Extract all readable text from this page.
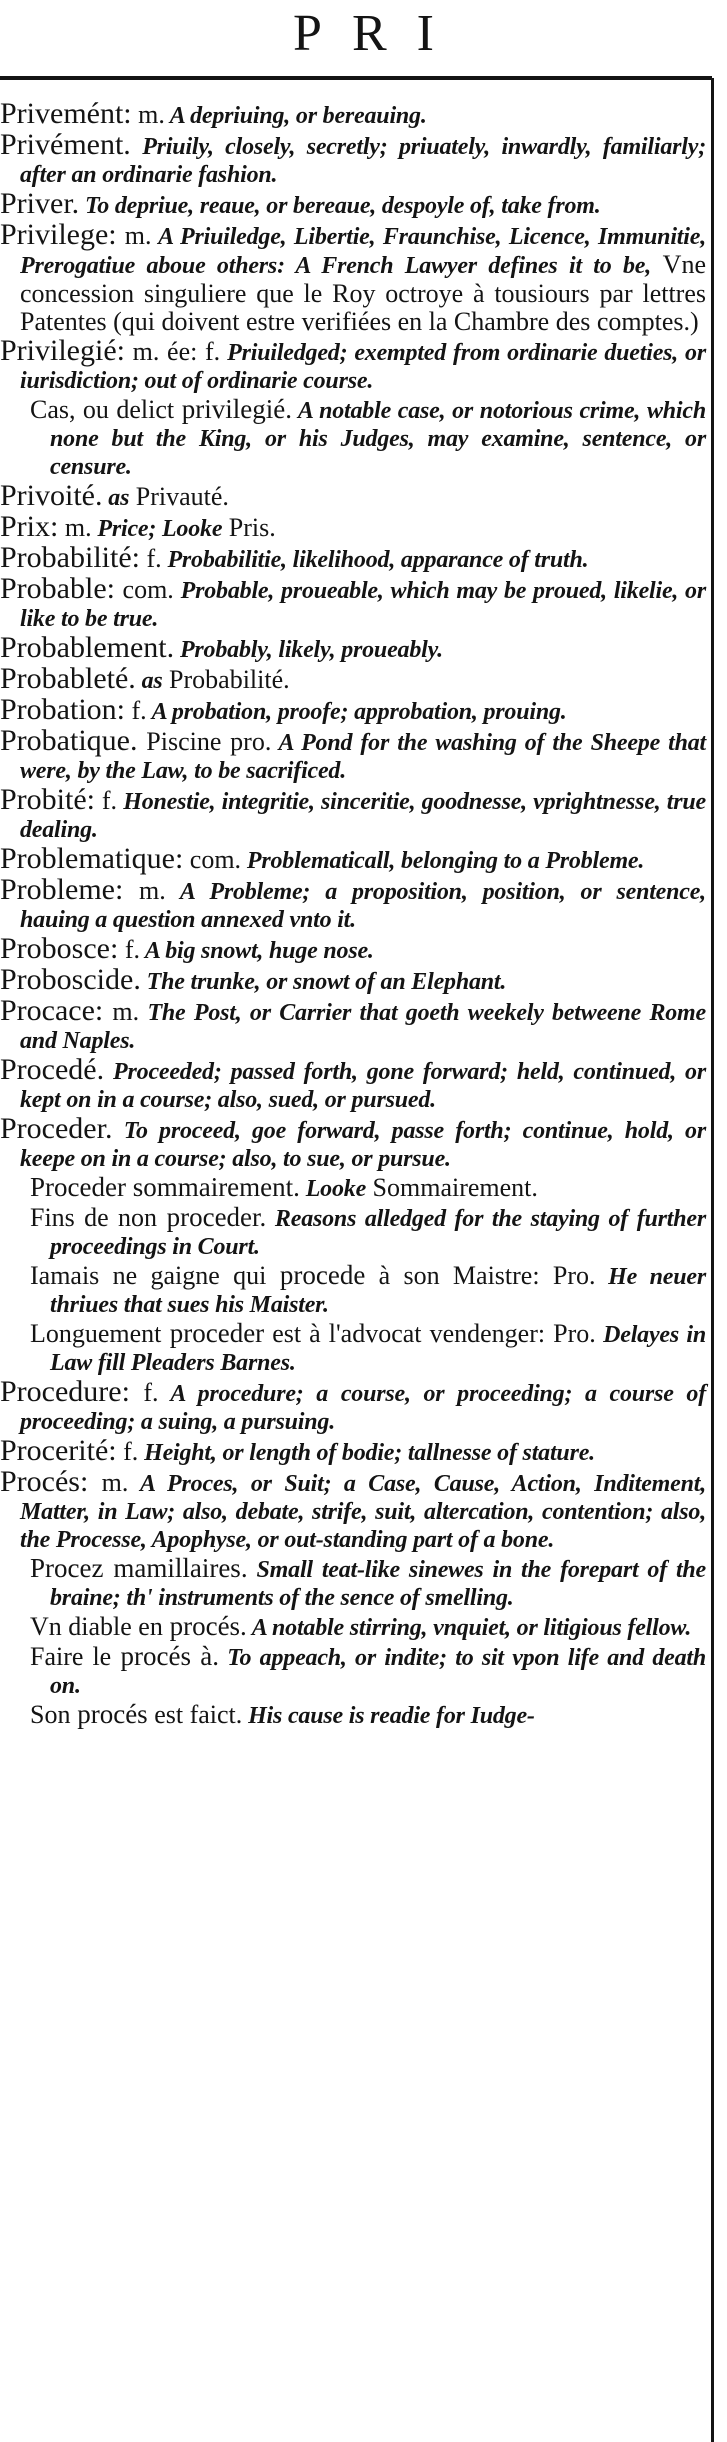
PRI

Privemént: m. A depriuing, or bereauing.

Privément. Priuily, closely, secretly; priuately, inwardly, familiarly; after an ordinarie fashion.

Priver. To depriue, reaue, or bereaue, despoyle of, take from.

Privilege: m. A Priuiledge, Libertie, Fraunchise, Licence, Immunitie, Prerogatiue aboue others: A French Lawyer defines it to be, Vne concession singuliere que le Roy octroye à tousiours par lettres Patentes (qui doivent estre verifiées en la Chambre des comptes.)

Privilegié: m. ée: f. Priuiledged; exempted from ordinarie dueties, or iurisdiction; out of ordinarie course.

Cas, ou delict privilegié. A notable case, or notorious crime, which none but the King, or his Judges, may examine, sentence, or censure.

Privoité. as Privauté.

Prix: m. Price; Looke Pris.

Probabilité: f. Probabilitie, likelihood, apparance of truth.

Probable: com. Probable, proueable, which may be proued, likelie, or like to be true.

Probablement. Probably, likely, proueably.

Probableté. as Probabilité.

Probation: f. A probation, proofe; approbation, prouing.

Probatique. Piscine pro. A Pond for the washing of the Sheepe that were, by the Law, to be sacrificed.

Probité: f. Honestie, integritie, sinceritie, goodnesse, vprightnesse, true dealing.

Problematique: com. Problematicall, belonging to a Probleme.

Probleme: m. A Probleme; a proposition, position, or sentence, hauing a question annexed vnto it.

Probosce: f. A big snowt, huge nose.

Proboscide. The trunke, or snowt of an Elephant.

Procace: m. The Post, or Carrier that goeth weekely betweene Rome and Naples.

Procedé. Proceeded; passed forth, gone forward; held, continued, or kept on in a course; also, sued, or pursued.

Proceder. To proceed, goe forward, passe forth; continue, hold, or keepe on in a course; also, to sue, or pursue.

Proceder sommairement. Looke Sommairement.

Fins de non proceder. Reasons alledged for the staying of further proceedings in Court.

Iamais ne gaigne qui procede à son Maistre: Pro. He neuer thriues that sues his Maister.

Longuement proceder est à l'advocat vendenger: Pro. Delayes in Law fill Pleaders Barnes.

Procedure: f. A procedure; a course, or proceeding; a course of proceeding; a suing, a pursuing.

Procerité: f. Height, or length of bodie; tallnesse of stature.

Procés: m. A Proces, or Suit; a Case, Cause, Action, Inditement, Matter, in Law; also, debate, strife, suit, altercation, contention; also, the Processe, Apophyse, or out-standing part of a bone.

Procez mamillaires. Small teat-like sinewes in the forepart of the braine; th' instruments of the sence of smelling.

Vn diable en procés. A notable stirring, vnquiet, or litigious fellow.

Faire le procés à. To appeach, or indite; to sit vpon life and death on.

Son procés est faict. His cause is readie for Iudge-
